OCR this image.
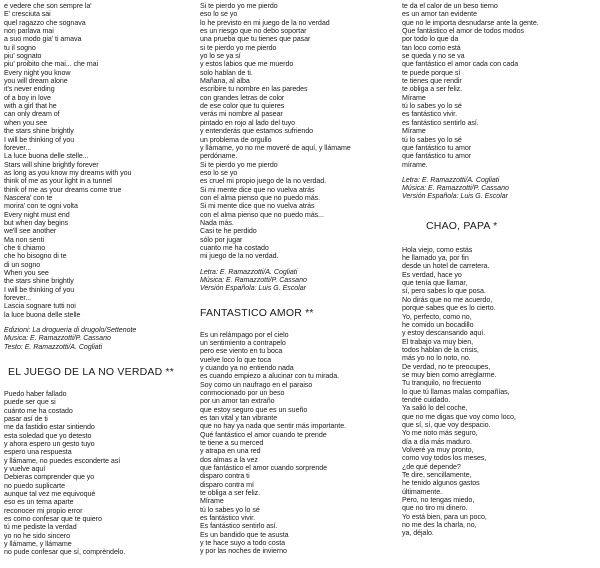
e vedere che son sempre la'
E' cresciuta sai
quel ragazzo che sognava
non parlava mai
a suo modo gia' ti amava
tu il sogno
piu' sognato
piu' proibito che mai... che mai
Every night you know
you will dream alone
it's never ending
of a boy in love
with a girl that he
can only dream of
when you see
the stars shine brightly
I will be thinking of you
forever...
La luce buona delle stelle...
Stars will shine brightly forever
as long as you know my dreams with you
think of me as your light in a tunnel
think of me as your dreams come true
Nascera' con te
morira' con te ogni volta
Every night must end
but when day begins
we'll see another
Ma non senti
che ti chiamo
che ho bisogno di te
di un sogno
When you see
the stars shine brightly
I will be thinking of you
forever...
Lascia sognare tutti noi
la luce buona delle stelle
Edizioni: La drogueria di drugolo/Settenote
Musica: E. Ramazzotti/P. Cassano
Testo: E. Ramazzotti/A. Cogliati
EL JUEGO DE LA NO VERDAD **
Puedo haber fallado
puede ser que si
cuánto me ha costado
pasar así de ti
me da fastidio estar sintiendo
esta soledad que yo detesto
y ahora espero un gesto tuyo
espero una respuesta
y llámame, no puedes esconderte así
y vuelve aquí
Debieras comprender que yo
no puedo suplicarte
aunque tal vez me equivoqué
eso es un tema aparte
reconocer mi propio error
es como confesar que te quiero
tú me pediste la verdad
yo no he sido sincero
y llámame, y llámame
no pude confesar que sí, comprèndelo.
Si te pierdo yo me pierdo
eso lo se yo
lo he previsto en mi juego de la no verdad
es un riesgo que no debo soportar
una prueba que tu tienes que pasar
si te pierdo yo me pierdo
yo lo se ya sí
y estos labios que me muerdo
solo hablan de ti.
Mañana, al alba
escribire tu nombre en las paredes
con grandes letras de color
de ese color que tu quieres
verás mi nombre al pasear
pintado en rojo al lado del tuyo
y entenderás que estamos sufriendo
un problema de orgullo
y llámame, yo no me moveré de aquí, y llámame
perdóname.
Si te pierdo yo me pierdo
eso lo se yo
es cruel mi propio juego de la no verdad.
Si mi mente dice que no vuelva atrás
con el alma pienso que no puedo más.
Si mi mente dice que no vuelva atrás
con el alma pienso que no puedo más...
Nada más.
Casi te he perdido
sólo por jugar
cuanto me ha costado
mi juego de la no verdad.
Letra: E. Ramazzotti/A. Cogliati
Música: E. Ramazzotti/P. Cassano
Versión Española: Luis G. Escolar
FANTASTICO AMOR **
Es un relámpago por el cielo
un sentimiento a contrapelo
pero ese viento en tu boca
vuelve loco lo que toca
y cuando ya no entiendo nada
es cuando empiezo a alucinar con tu mirada.
Soy como un naufrago en el paraiso
conmocionado por un beso
por un amor tan extraño
que estoy seguro que es un sueño
es tan vital y tan vibrante
que no hay ya nada que sentir más importante.
Qué fantástico el amor cuando te prende
te tiene a su merced
y atrapa en una red
dos almas a la vez
que fantástico el amor cuando sorprende
disparo contra ti
disparo contra mí
te obliga a ser feliz.
Mírame
tú lo sabes yo lo sé
es fantástico vivir.
Es fantástico sentirlo así.
Es un bandido que te asusta
y te hace suyo a todo costa
y por las noches de invierno
te da el calor de un beso tierno
es un amor tan evidente
que no le importa desnudarse ante la gente.
Que fantástico el amor de todos modos
por todo lo que da
tan loco como está
se queda y no se va
que fantástico el amor cada con cada
te puede porque sí
te tienes que rendir
te obliga a ser feliz.
Mírame
tú lo sabes yo lo sé
es fantástico vivir.
es fantástico sentirlo así.
Mírame
tú lo sabes yo lo sé
que fantástico tu amor
que fantástico tu amor
mírame.
Letra: E. Ramazzotti/A. Cogliati
Música: E. Ramazzotti/P. Cassano
Versión Española: Luis G. Escolar
CHAO, PAPA *
Hola viejo, como estás
he llamado ya, por fin
desde un hotel de carretera.
Es verdad, hace yo
que tenía que llamar,
sí, pero sabes lo que posa.
No dirás que no me acuerdo,
porque sabes que es lo cierto.
Yo, perfecto, como no,
he comido un bocadillo
y estoy descansando aquí.
El trabajo va muy bien,
todos hablan de la crisis,
más yo no lo noto, no.
De verdad, no te preocupes,
se muy bien como arreglarme.
Tu tranquilo, no frecuento
lo que tú llamas malas compañías,
tendré cuidado.
Ya salió lo del coche,
que no me digas que voy como loco,
que sí, sí, que voy despacio.
Yo me noto más seguro,
día a día más maduro.
Volveré ya muy pronto,
como voy todos los meses,
¿de qué depende?
Te dire, sencillamente,
he tenido algunos gastos
últimamente.
Pero, no tengas miedo,
que no tiro mi dinero.
Yo está bien, para un poco,
no me des la charla, no,
ya, déjalo.
